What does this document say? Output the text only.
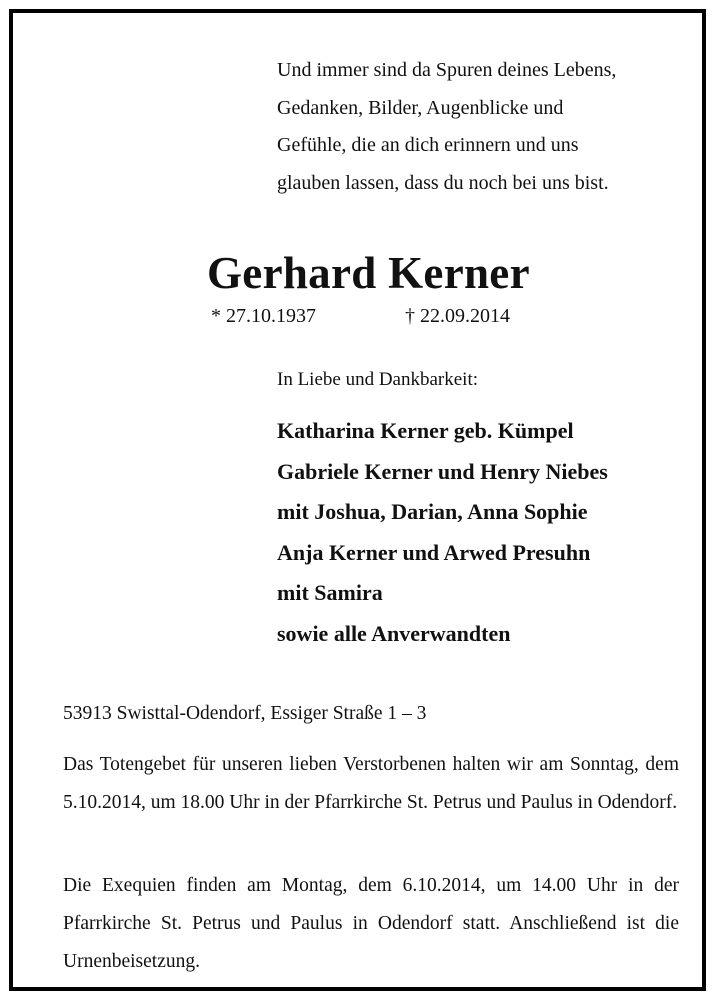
Und immer sind da Spuren deines Lebens,
Gedanken, Bilder, Augenblicke und
Gefühle, die an dich erinnern und uns
glauben lassen, dass du noch bei uns bist.
Gerhard Kerner
* 27.10.1937	† 22.09.2014
In Liebe und Dankbarkeit:
Katharina Kerner geb. Kümpel
Gabriele Kerner und Henry Niebes
mit Joshua, Darian, Anna Sophie
Anja Kerner und Arwed Presuhn
mit Samira
sowie alle Anverwandten
53913 Swisttal-Odendorf, Essiger Straße 1 – 3
Das Totengebet für unseren lieben Verstorbenen halten wir am Sonntag, dem 5.10.2014, um 18.00 Uhr in der Pfarrkirche St. Petrus und Paulus in Odendorf.
Die Exequien finden am Montag, dem 6.10.2014, um 14.00 Uhr in der Pfarrkirche St. Petrus und Paulus in Odendorf statt. Anschließend ist die Urnenbeisetzung.
